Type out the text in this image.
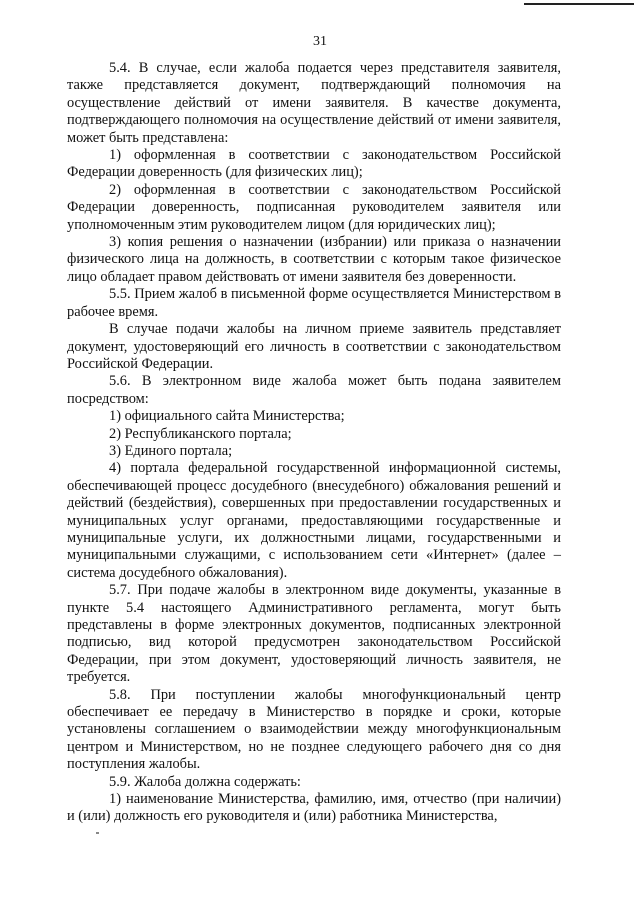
31

5.4. В случае, если жалоба подается через представителя заявителя, также представляется документ, подтверждающий полномочия на осуществление действий от имени заявителя. В качестве документа, подтверждающего полномочия на осуществление действий от имени заявителя, может быть представлена:

1) оформленная в соответствии с законодательством Российской Федерации доверенность (для физических лиц);

2) оформленная в соответствии с законодательством Российской Федерации доверенность, подписанная руководителем заявителя или уполномоченным этим руководителем лицом (для юридических лиц);

3) копия решения о назначении (избрании) или приказа о назначении физического лица на должность, в соответствии с которым такое физическое лицо обладает правом действовать от имени заявителя без доверенности.

5.5. Прием жалоб в письменной форме осуществляется Министерством в рабочее время.

В случае подачи жалобы на личном приеме заявитель представляет документ, удостоверяющий его личность в соответствии с законодательством Российской Федерации.

5.6. В электронном виде жалоба может быть подана заявителем посредством:

1) официального сайта Министерства;

2) Республиканского портала;

3) Единого портала;

4) портала федеральной государственной информационной системы, обеспечивающей процесс досудебного (внесудебного) обжалования решений и действий (бездействия), совершенных при предоставлении государственных и муниципальных услуг органами, предоставляющими государственные и муниципальные услуги, их должностными лицами, государственными и муниципальными служащими, с использованием сети «Интернет» (далее – система досудебного обжалования).

5.7. При подаче жалобы в электронном виде документы, указанные в пункте 5.4 настоящего Административного регламента, могут быть представлены в форме электронных документов, подписанных электронной подписью, вид которой предусмотрен законодательством Российской Федерации, при этом документ, удостоверяющий личность заявителя, не требуется.

5.8. При поступлении жалобы многофункциональный центр обеспечивает ее передачу в Министерство в порядке и сроки, которые установлены соглашением о взаимодействии между многофункциональным центром и Министерством, но не позднее следующего рабочего дня со дня поступления жалобы.

5.9. Жалоба должна содержать:

1) наименование Министерства, фамилию, имя, отчество (при наличии) и (или) должность его руководителя и (или) работника Министерства,
